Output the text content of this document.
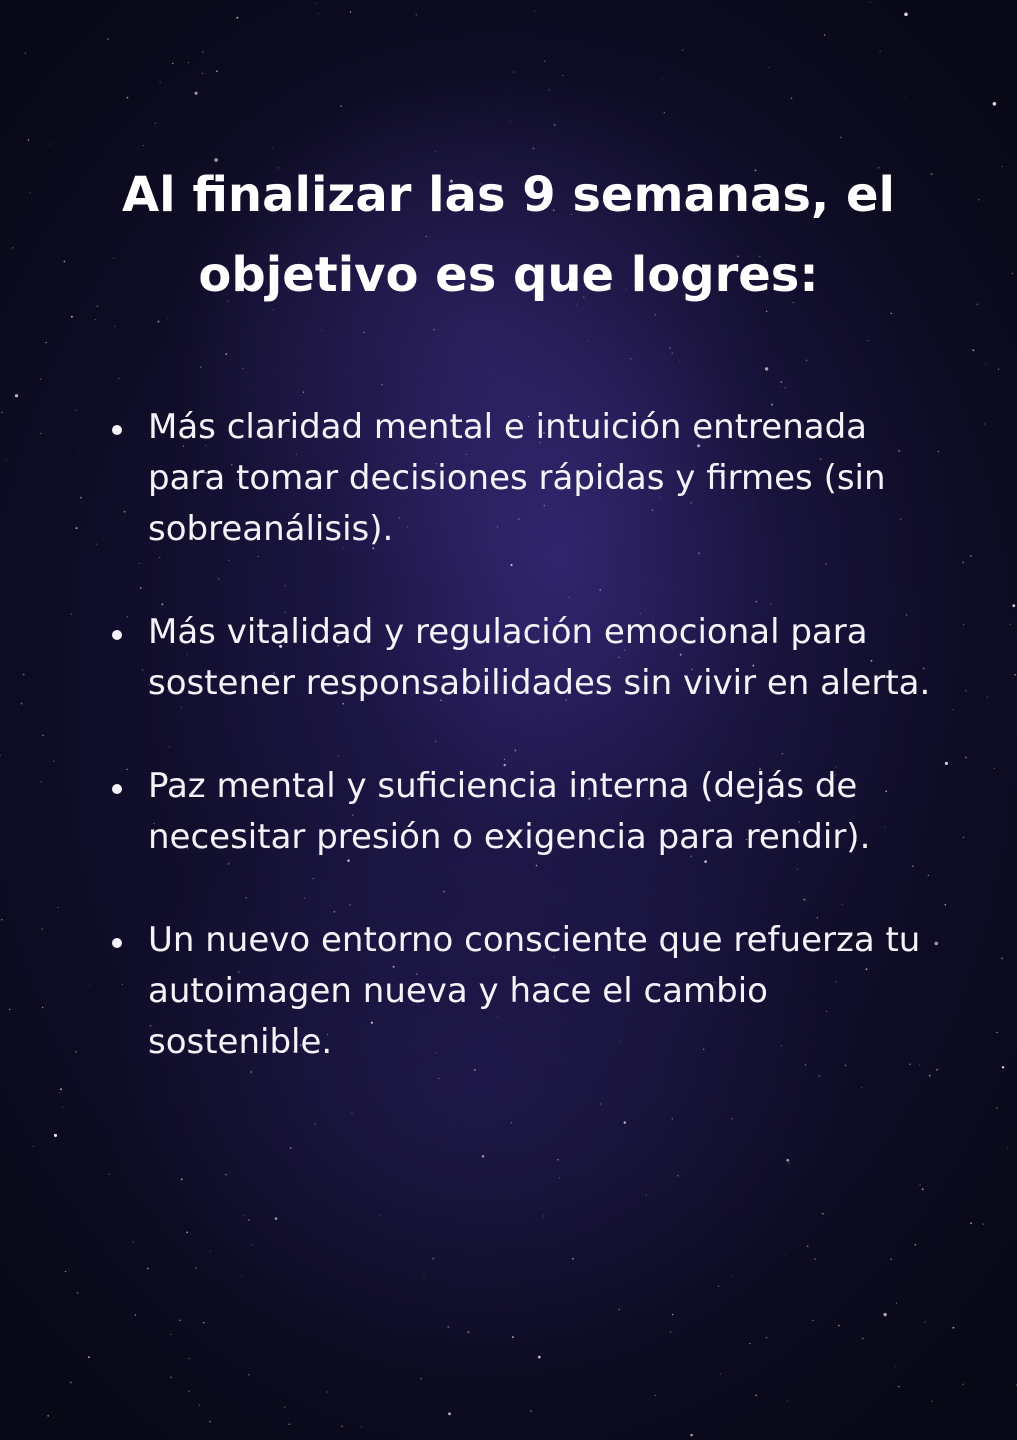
Al finalizar las 9 semanas, el objetivo es que logres:
Más claridad mental e intuición entrenada para tomar decisiones rápidas y firmes (sin sobreanálisis).
Más vitalidad y regulación emocional para sostener responsabilidades sin vivir en alerta.
Paz mental y suficiencia interna (dejás de necesitar presión o exigencia para rendir).
Un nuevo entorno consciente que refuerza tu autoimagen nueva y hace el cambio sostenible.
